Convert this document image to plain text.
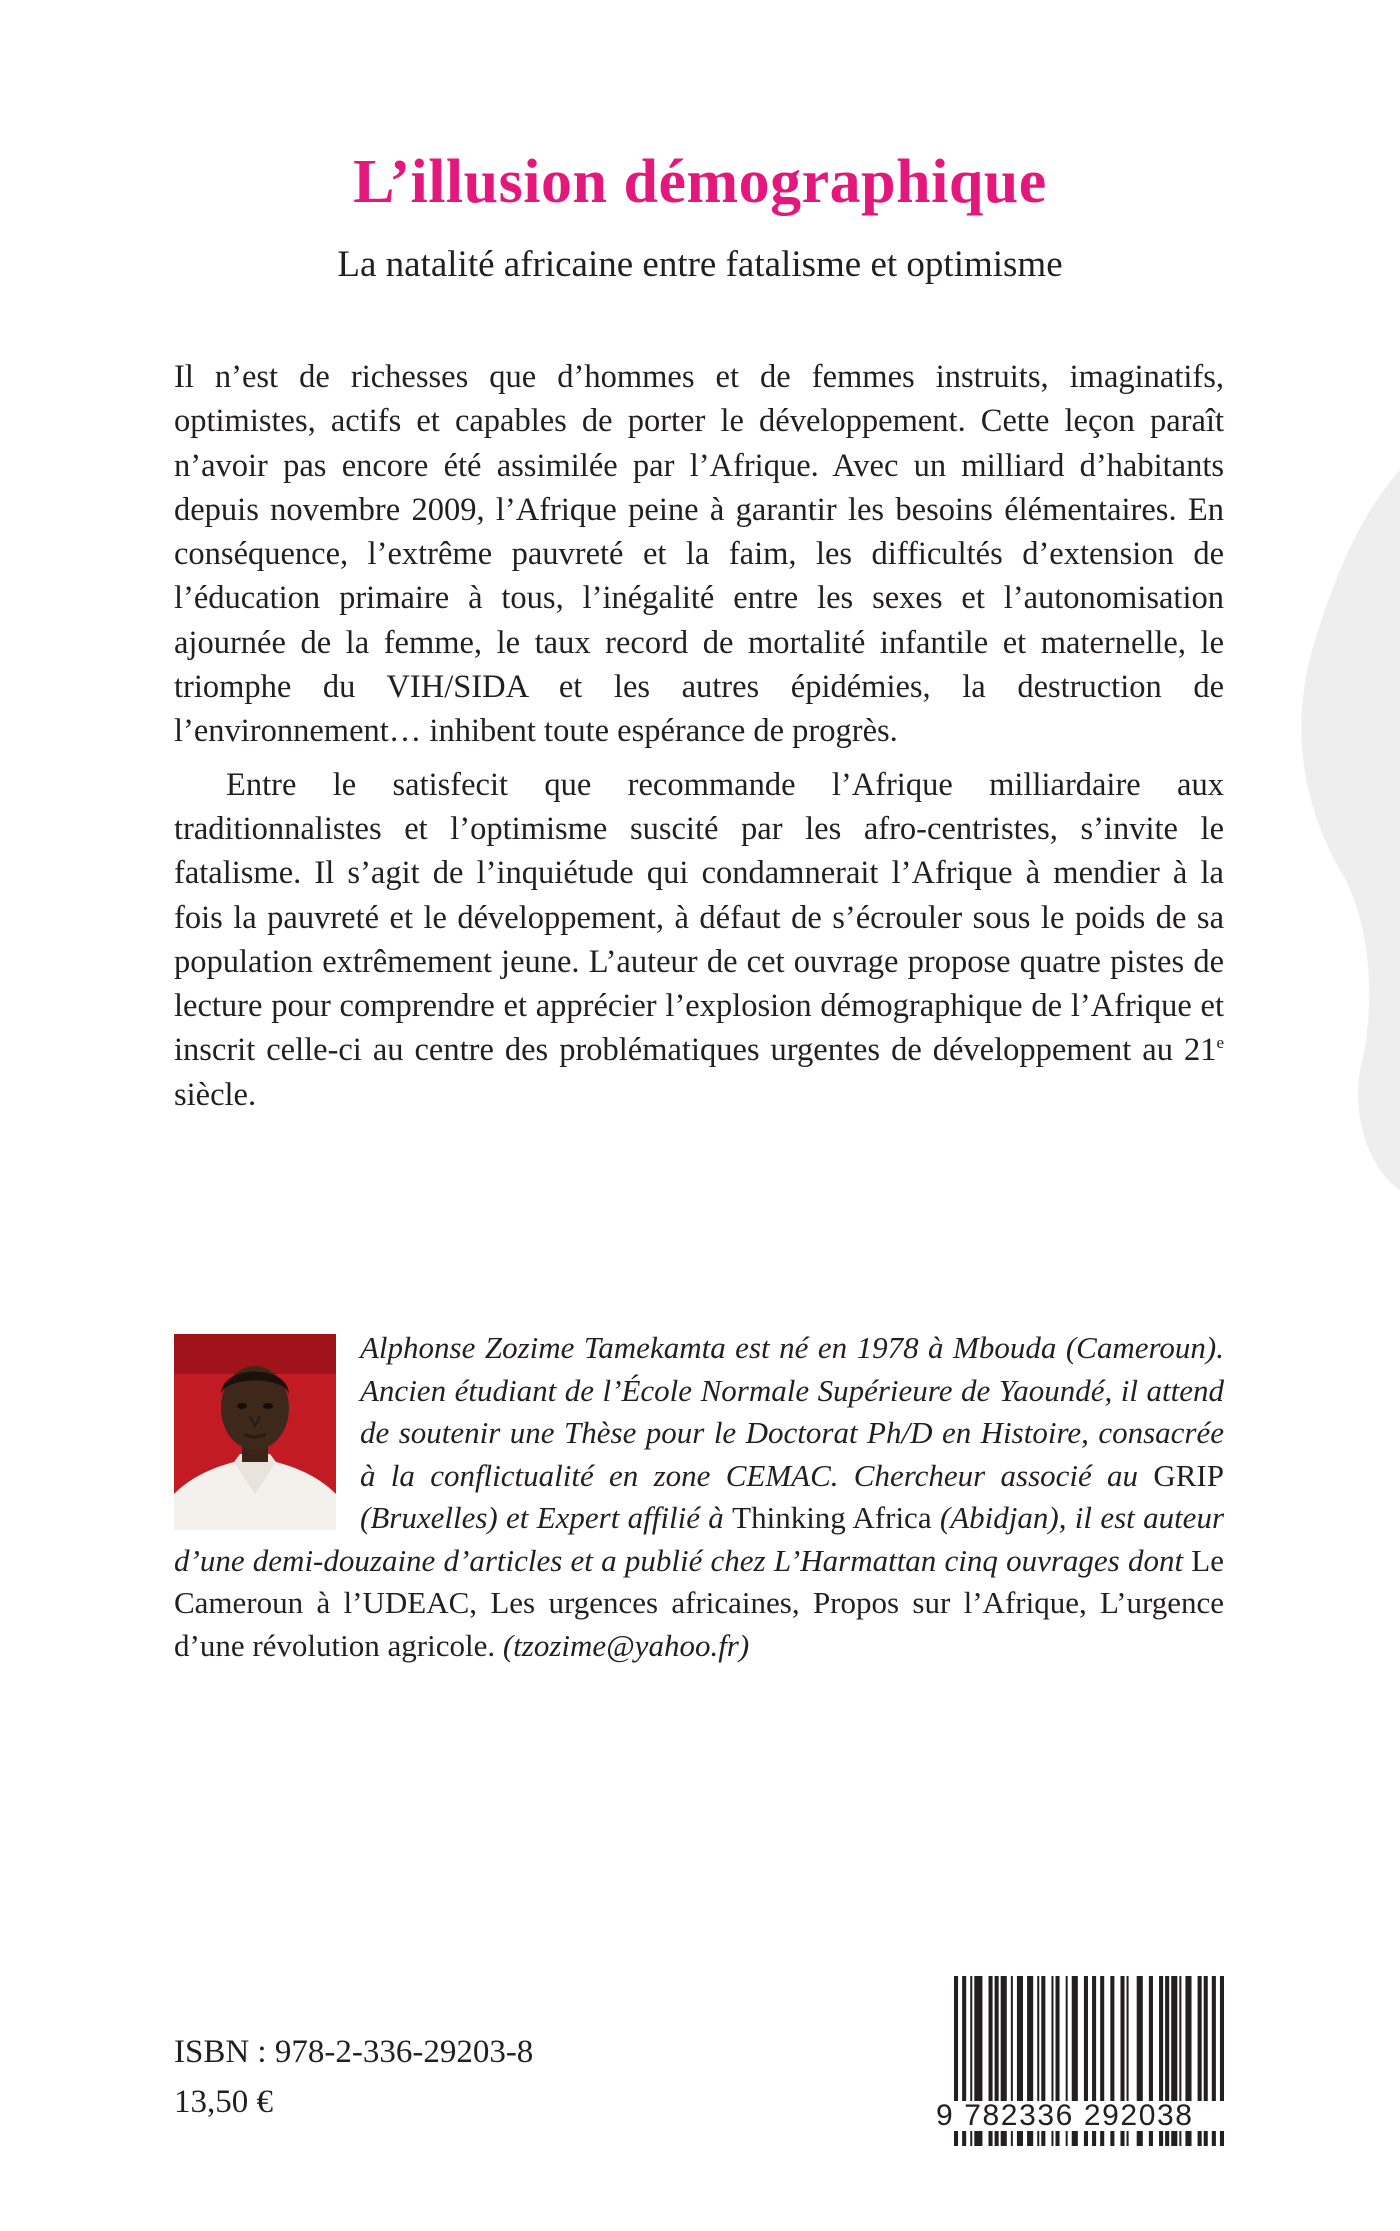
L’illusion démographique
La natalité africaine entre fatalisme et optimisme

Il n’est de richesses que d’hommes et de femmes instruits, imaginatifs, optimistes, actifs et capables de porter le développement. Cette leçon paraît n’avoir pas encore été assimilée par l’Afrique. Avec un milliard d’habitants depuis novembre 2009, l’Afrique peine à garantir les besoins élémentaires. En conséquence, l’extrême pauvreté et la faim, les difficultés d’extension de l’éducation primaire à tous, l’inégalité entre les sexes et l’autonomisation ajournée de la femme, le taux record de mortalité infantile et maternelle, le triomphe du VIH/SIDA et les autres épidémies, la destruction de l’environnement… inhibent toute espérance de progrès.

Entre le satisfecit que recommande l’Afrique milliardaire aux traditionnalistes et l’optimisme suscité par les afro-centristes, s’invite le fatalisme. Il s’agit de l’inquiétude qui condamnerait l’Afrique à mendier à la fois la pauvreté et le développement, à défaut de s’écrouler sous le poids de sa population extrêmement jeune. L’auteur de cet ouvrage propose quatre pistes de lecture pour comprendre et apprécier l’explosion démographique de l’Afrique et inscrit celle-ci au centre des problématiques urgentes de développement au 21e siècle.

Alphonse Zozime Tamekamta est né en 1978 à Mbouda (Cameroun). Ancien étudiant de l’École Normale Supérieure de Yaoundé, il attend de soutenir une Thèse pour le Doctorat Ph/D en Histoire, consacrée à la conflictualité en zone CEMAC. Chercheur associé au GRIP (Bruxelles) et Expert affilié à Thinking Africa (Abidjan), il est auteur d’une demi-douzaine d’articles et a publié chez L’Harmattan cinq ouvrages dont Le Cameroun à l’UDEAC, Les urgences africaines, Propos sur l’Afrique, L’urgence d’une révolution agricole. (tzozime@yahoo.fr)
ISBN : 978-2-336-29203-8
13,50 €	9 782336 292038
